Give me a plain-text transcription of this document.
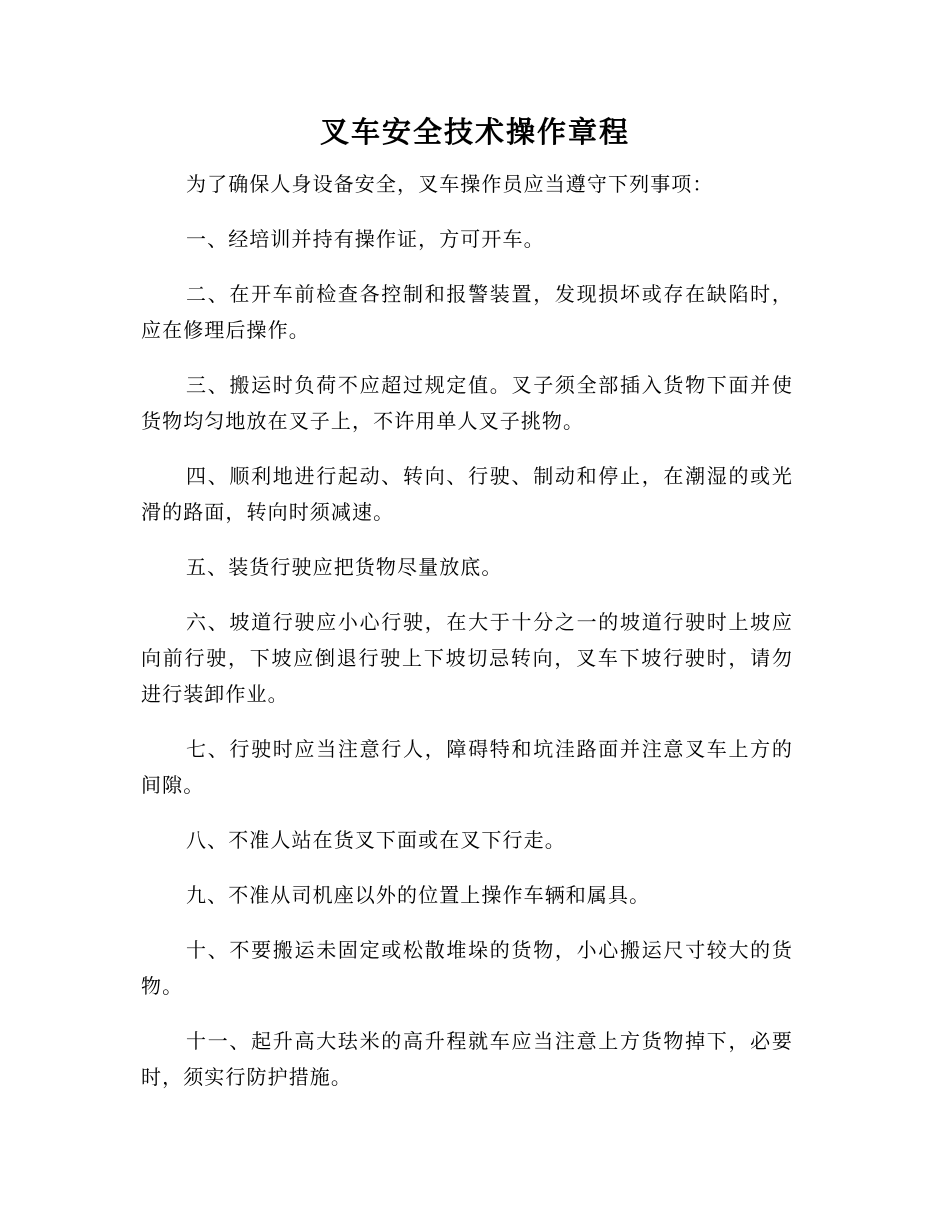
叉车安全技术操作章程

为了确保人身设备安全，叉车操作员应当遵守下列事项：

一、经培训并持有操作证，方可开车。

二、在开车前检查各控制和报警装置，发现损坏或存在缺陷时，应在修理后操作。

三、搬运时负荷不应超过规定值。叉子须全部插入货物下面并使货物均匀地放在叉子上，不许用单人叉子挑物。

四、顺利地进行起动、转向、行驶、制动和停止，在潮湿的或光滑的路面，转向时须减速。

五、装货行驶应把货物尽量放底。

六、坡道行驶应小心行驶，在大于十分之一的坡道行驶时上坡应向前行驶，下坡应倒退行驶上下坡切忌转向，叉车下坡行驶时，请勿进行装卸作业。

七、行驶时应当注意行人，障碍特和坑洼路面并注意叉车上方的间隙。

八、不准人站在货叉下面或在叉下行走。

九、不准从司机座以外的位置上操作车辆和属具。

十、不要搬运未固定或松散堆垛的货物，小心搬运尺寸较大的货物。

十一、起升高大珐米的高升程就车应当注意上方货物掉下，必要时，须实行防护措施。
